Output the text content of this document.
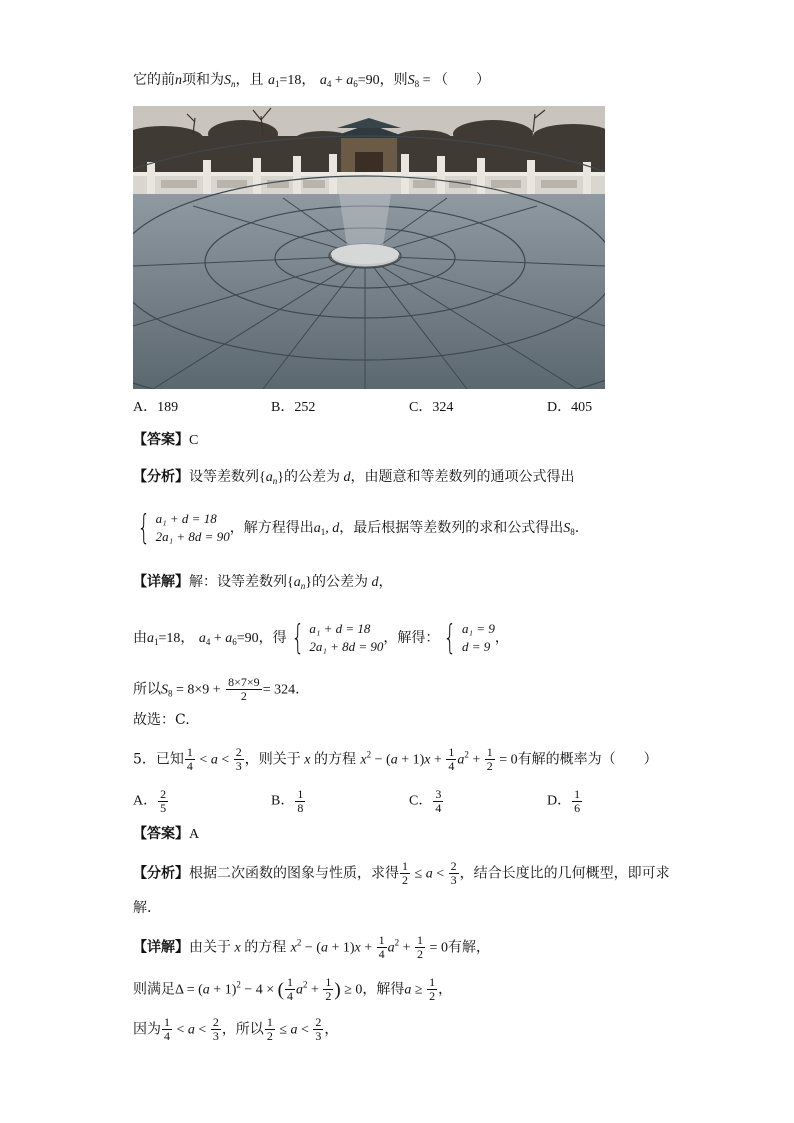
它的前n项和为$S_n$，且 $a_1=18$， $a_4 + a_6=90$，则$S_8$ = （　　）
A．189	B．252	C．324	D．405
【答案】C
【分析】设等差数列$\{a_n\}$的公差为 d，由题意和等差数列的通项公式得出
{ a₁ + d = 18
2a₁ + 8d = 90
，解方程得出$a_1$, d，最后根据等差数列的求和公式得出$S_8$.
【详解】解：设等差数列$\{a_n\}$的公差为 d，
由$a_1=18$， $a_4 + a_6=90$，得 { a₁ + d = 18
2a₁ + 8d = 90
，解得： { a₁ = 9
d = 9
，
所以$S_8 = 8\times 9 + \frac{8\times 7\times 9}{2} = 324$.
故选：C.
5．已知 $\frac{1}{4} < a < \frac{2}{3}$ ，则关于 x 的方程 $x^2 - (a + 1)x + \frac{1}{4} a^2 + \frac{1}{2} = 0$有解的概率为（　　）
A． $\frac{2}{5}$	B． $\frac{1}{8}$	C． $\frac{3}{4}$	D． $\frac{1}{6}$
【答案】A
【分析】根据二次函数的图象与性质，求得 $\frac{1}{2} \le a < \frac{2}{3}$ ，结合长度比的几何概型，即可求
解.
【详解】由关于 x 的方程 $x^2 - (a + 1)x + \frac{1}{4} a^2 + \frac{1}{2} = 0$有解，
则满足$\Delta = (a + 1)^2 - 4$ × ( $\frac{1}{4} a^2 + \frac{1}{2}$ ) ≥ 0，解得$a \ge \frac{1}{2}$ ，
因为 $\frac{1}{4} < a < \frac{2}{3}$ ，所以 $\frac{1}{2} \le a < \frac{2}{3}$ ，
